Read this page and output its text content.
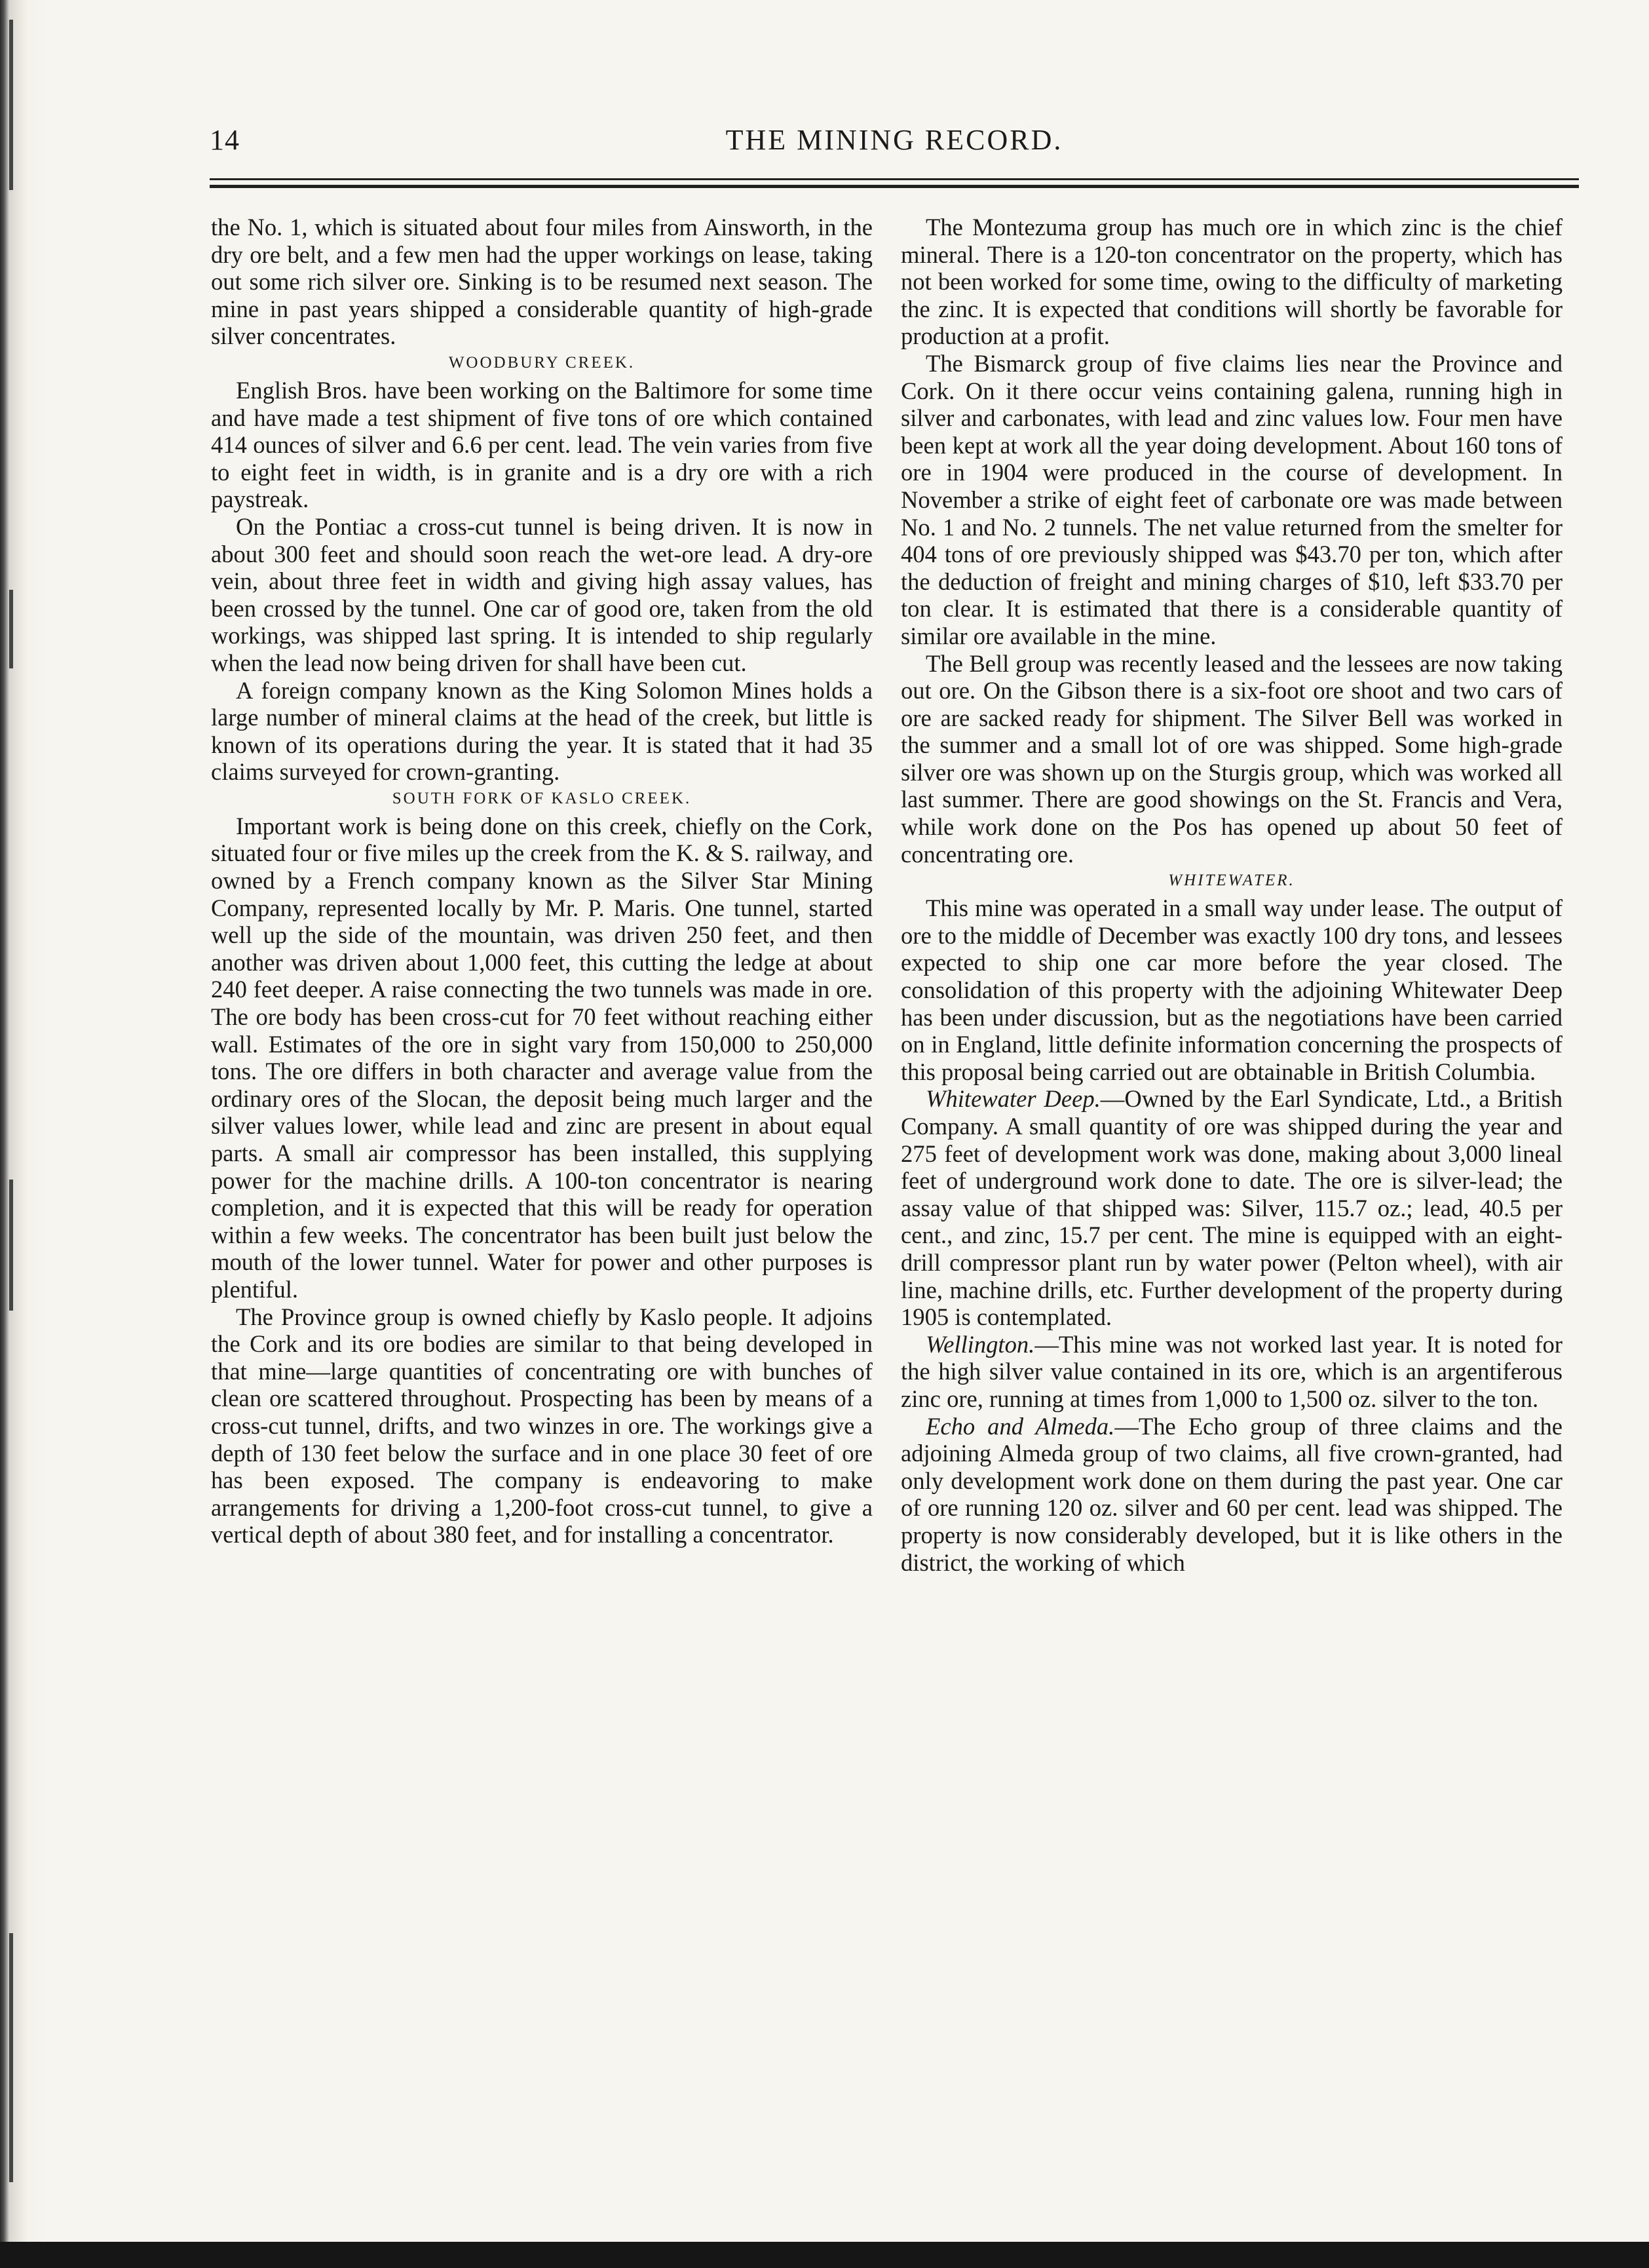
14	THE MINING RECORD.

the No. 1, which is situated about four miles from Ainsworth, in the dry ore belt, and a few men had the upper workings on lease, taking out some rich silver ore. Sinking is to be resumed next season. The mine in past years shipped a considerable quantity of high-grade silver concentrates.

WOODBURY CREEK.

English Bros. have been working on the Baltimore for some time and have made a test shipment of five tons of ore which contained 414 ounces of silver and 6.6 per cent. lead. The vein varies from five to eight feet in width, is in granite and is a dry ore with a rich paystreak.

On the Pontiac a cross-cut tunnel is being driven. It is now in about 300 feet and should soon reach the wet-ore lead. A dry-ore vein, about three feet in width and giving high assay values, has been crossed by the tunnel. One car of good ore, taken from the old workings, was shipped last spring. It is intended to ship regularly when the lead now being driven for shall have been cut.

A foreign company known as the King Solomon Mines holds a large number of mineral claims at the head of the creek, but little is known of its operations during the year. It is stated that it had 35 claims surveyed for crown-granting.

SOUTH FORK OF KASLO CREEK.

Important work is being done on this creek, chiefly on the Cork, situated four or five miles up the creek from the K. & S. railway, and owned by a French company known as the Silver Star Mining Company, represented locally by Mr. P. Maris. One tunnel, started well up the side of the mountain, was driven 250 feet, and then another was driven about 1,000 feet, this cutting the ledge at about 240 feet deeper. A raise connecting the two tunnels was made in ore. The ore body has been cross-cut for 70 feet without reaching either wall. Estimates of the ore in sight vary from 150,000 to 250,000 tons. The ore differs in both character and average value from the ordinary ores of the Slocan, the deposit being much larger and the silver values lower, while lead and zinc are present in about equal parts. A small air compressor has been installed, this supplying power for the machine drills. A 100-ton concentrator is nearing completion, and it is expected that this will be ready for operation within a few weeks. The concentrator has been built just below the mouth of the lower tunnel. Water for power and other purposes is plentiful.

The Province group is owned chiefly by Kaslo people. It adjoins the Cork and its ore bodies are similar to that being developed in that mine—large quantities of concentrating ore with bunches of clean ore scattered throughout. Prospecting has been by means of a cross-cut tunnel, drifts, and two winzes in ore. The workings give a depth of 130 feet below the surface and in one place 30 feet of ore has been exposed. The company is endeavoring to make arrangements for driving a 1,200-foot cross-cut tunnel, to give a vertical depth of about 380 feet, and for installing a concentrator.

The Montezuma group has much ore in which zinc is the chief mineral. There is a 120-ton concentrator on the property, which has not been worked for some time, owing to the difficulty of marketing the zinc. It is expected that conditions will shortly be favorable for production at a profit.

The Bismarck group of five claims lies near the Province and Cork. On it there occur veins containing galena, running high in silver and carbonates, with lead and zinc values low. Four men have been kept at work all the year doing development. About 160 tons of ore in 1904 were produced in the course of development. In November a strike of eight feet of carbonate ore was made between No. 1 and No. 2 tunnels. The net value returned from the smelter for 404 tons of ore previously shipped was $43.70 per ton, which after the deduction of freight and mining charges of $10, left $33.70 per ton clear. It is estimated that there is a considerable quantity of similar ore available in the mine.

The Bell group was recently leased and the lessees are now taking out ore. On the Gibson there is a six-foot ore shoot and two cars of ore are sacked ready for shipment. The Silver Bell was worked in the summer and a small lot of ore was shipped. Some high-grade silver ore was shown up on the Sturgis group, which was worked all last summer. There are good showings on the St. Francis and Vera, while work done on the Pos has opened up about 50 feet of concentrating ore.

WHITEWATER.

This mine was operated in a small way under lease. The output of ore to the middle of December was exactly 100 dry tons, and lessees expected to ship one car more before the year closed. The consolidation of this property with the adjoining Whitewater Deep has been under discussion, but as the negotiations have been carried on in England, little definite information concerning the prospects of this proposal being carried out are obtainable in British Columbia.

Whitewater Deep.—Owned by the Earl Syndicate, Ltd., a British Company. A small quantity of ore was shipped during the year and 275 feet of development work was done, making about 3,000 lineal feet of underground work done to date. The ore is silver-lead; the assay value of that shipped was: Silver, 115.7 oz.; lead, 40.5 per cent., and zinc, 15.7 per cent. The mine is equipped with an eight-drill compressor plant run by water power (Pelton wheel), with air line, machine drills, etc. Further development of the property during 1905 is contemplated.

Wellington.—This mine was not worked last year. It is noted for the high silver value contained in its ore, which is an argentiferous zinc ore, running at times from 1,000 to 1,500 oz. silver to the ton.

Echo and Almeda.—The Echo group of three claims and the adjoining Almeda group of two claims, all five crown-granted, had only development work done on them during the past year. One car of ore running 120 oz. silver and 60 per cent. lead was shipped. The property is now considerably developed, but it is like others in the district, the working of which
